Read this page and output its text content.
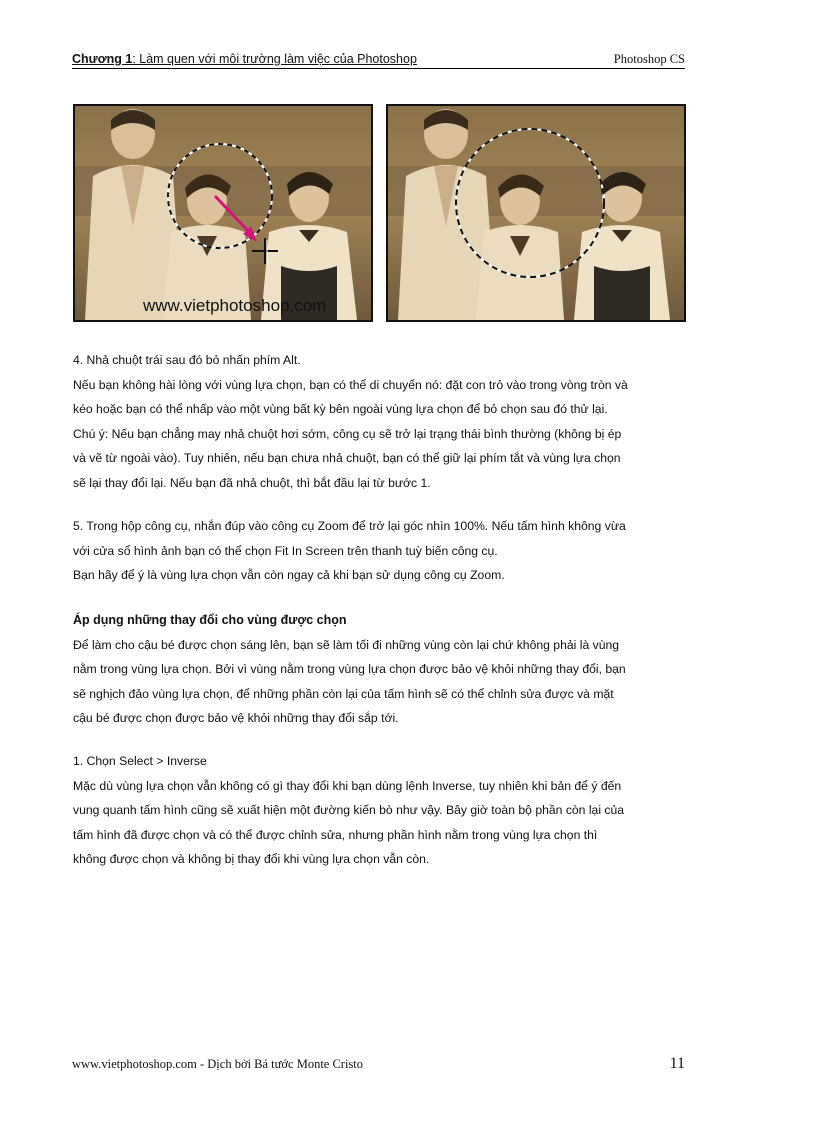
Chương 1: Làm quen với môi trường làm việc của Photoshop	Photoshop CS
www.vietphotoshop.com

4. Nhả chuột trái sau đó bỏ nhấn phím Alt.

Nếu bạn không hài lòng với vùng lựa chọn, bạn có thể di chuyển nó: đặt con trỏ vào trong vòng tròn và

kéo hoặc bạn có thể nhấp vào một vùng bất kỳ bên ngoài vùng lựa chọn để bỏ chọn sau đó thử lại.

Chú ý: Nếu bạn chẳng may nhả chuột hơi sớm, công cụ sẽ trở lại trạng thái bình thường (không bị ép

và vẽ từ ngoài vào). Tuy nhiên, nếu bạn chưa nhả chuột, bạn có thể giữ lại phím tắt và vùng lựa chọn

sẽ lại thay đổi lại. Nếu bạn đã nhả chuột, thì bắt đầu lại từ bước 1.

5. Trong hộp công cụ, nhắn đúp vào công cụ Zoom để trở lại góc nhìn 100%. Nếu tấm hình không vừa

với cửa sổ hình ảnh bạn có thể chọn Fit In Screen trên thanh tuỳ biến công cụ.

Bạn hãy để ý là vùng lựa chọn vẫn còn ngay cả khi bạn sử dụng công cụ Zoom.

Áp dụng những thay đổi cho vùng được chọn

Để làm cho cậu bé được chọn sáng lên, bạn sẽ làm tối đi những vùng còn lại chứ không phải là vùng

nằm trong vùng lựa chọn. Bởi vì vùng nằm trong vùng lựa chọn được bảo vệ khỏi những thay đổi, bạn

sẽ nghịch đảo vùng lựa chọn, để những phần còn lại của tấm hình sẽ có thể chỉnh sửa được và mặt

cậu bé được chọn được bảo vệ khỏi những thay đổi sắp tới.

1. Chọn Select > Inverse

Mặc dù vùng lựa chọn vẫn không có gì thay đổi khi bạn dùng lệnh Inverse, tuy nhiên khi bản để ý đến

vung quanh tấm hình cũng sẽ xuất hiện một đường kiến bò như vậy. Bây giờ toàn bộ phần còn lại của

tấm hình đã được chọn và có thể được chỉnh sửa, nhưng phần hình nằm trong vùng lựa chọn thì

không được chọn và không bị thay đổi khi vùng lựa chọn vẫn còn.

www.vietphotoshop.com - Dịch bởi Bá tước Monte Cristo	11
